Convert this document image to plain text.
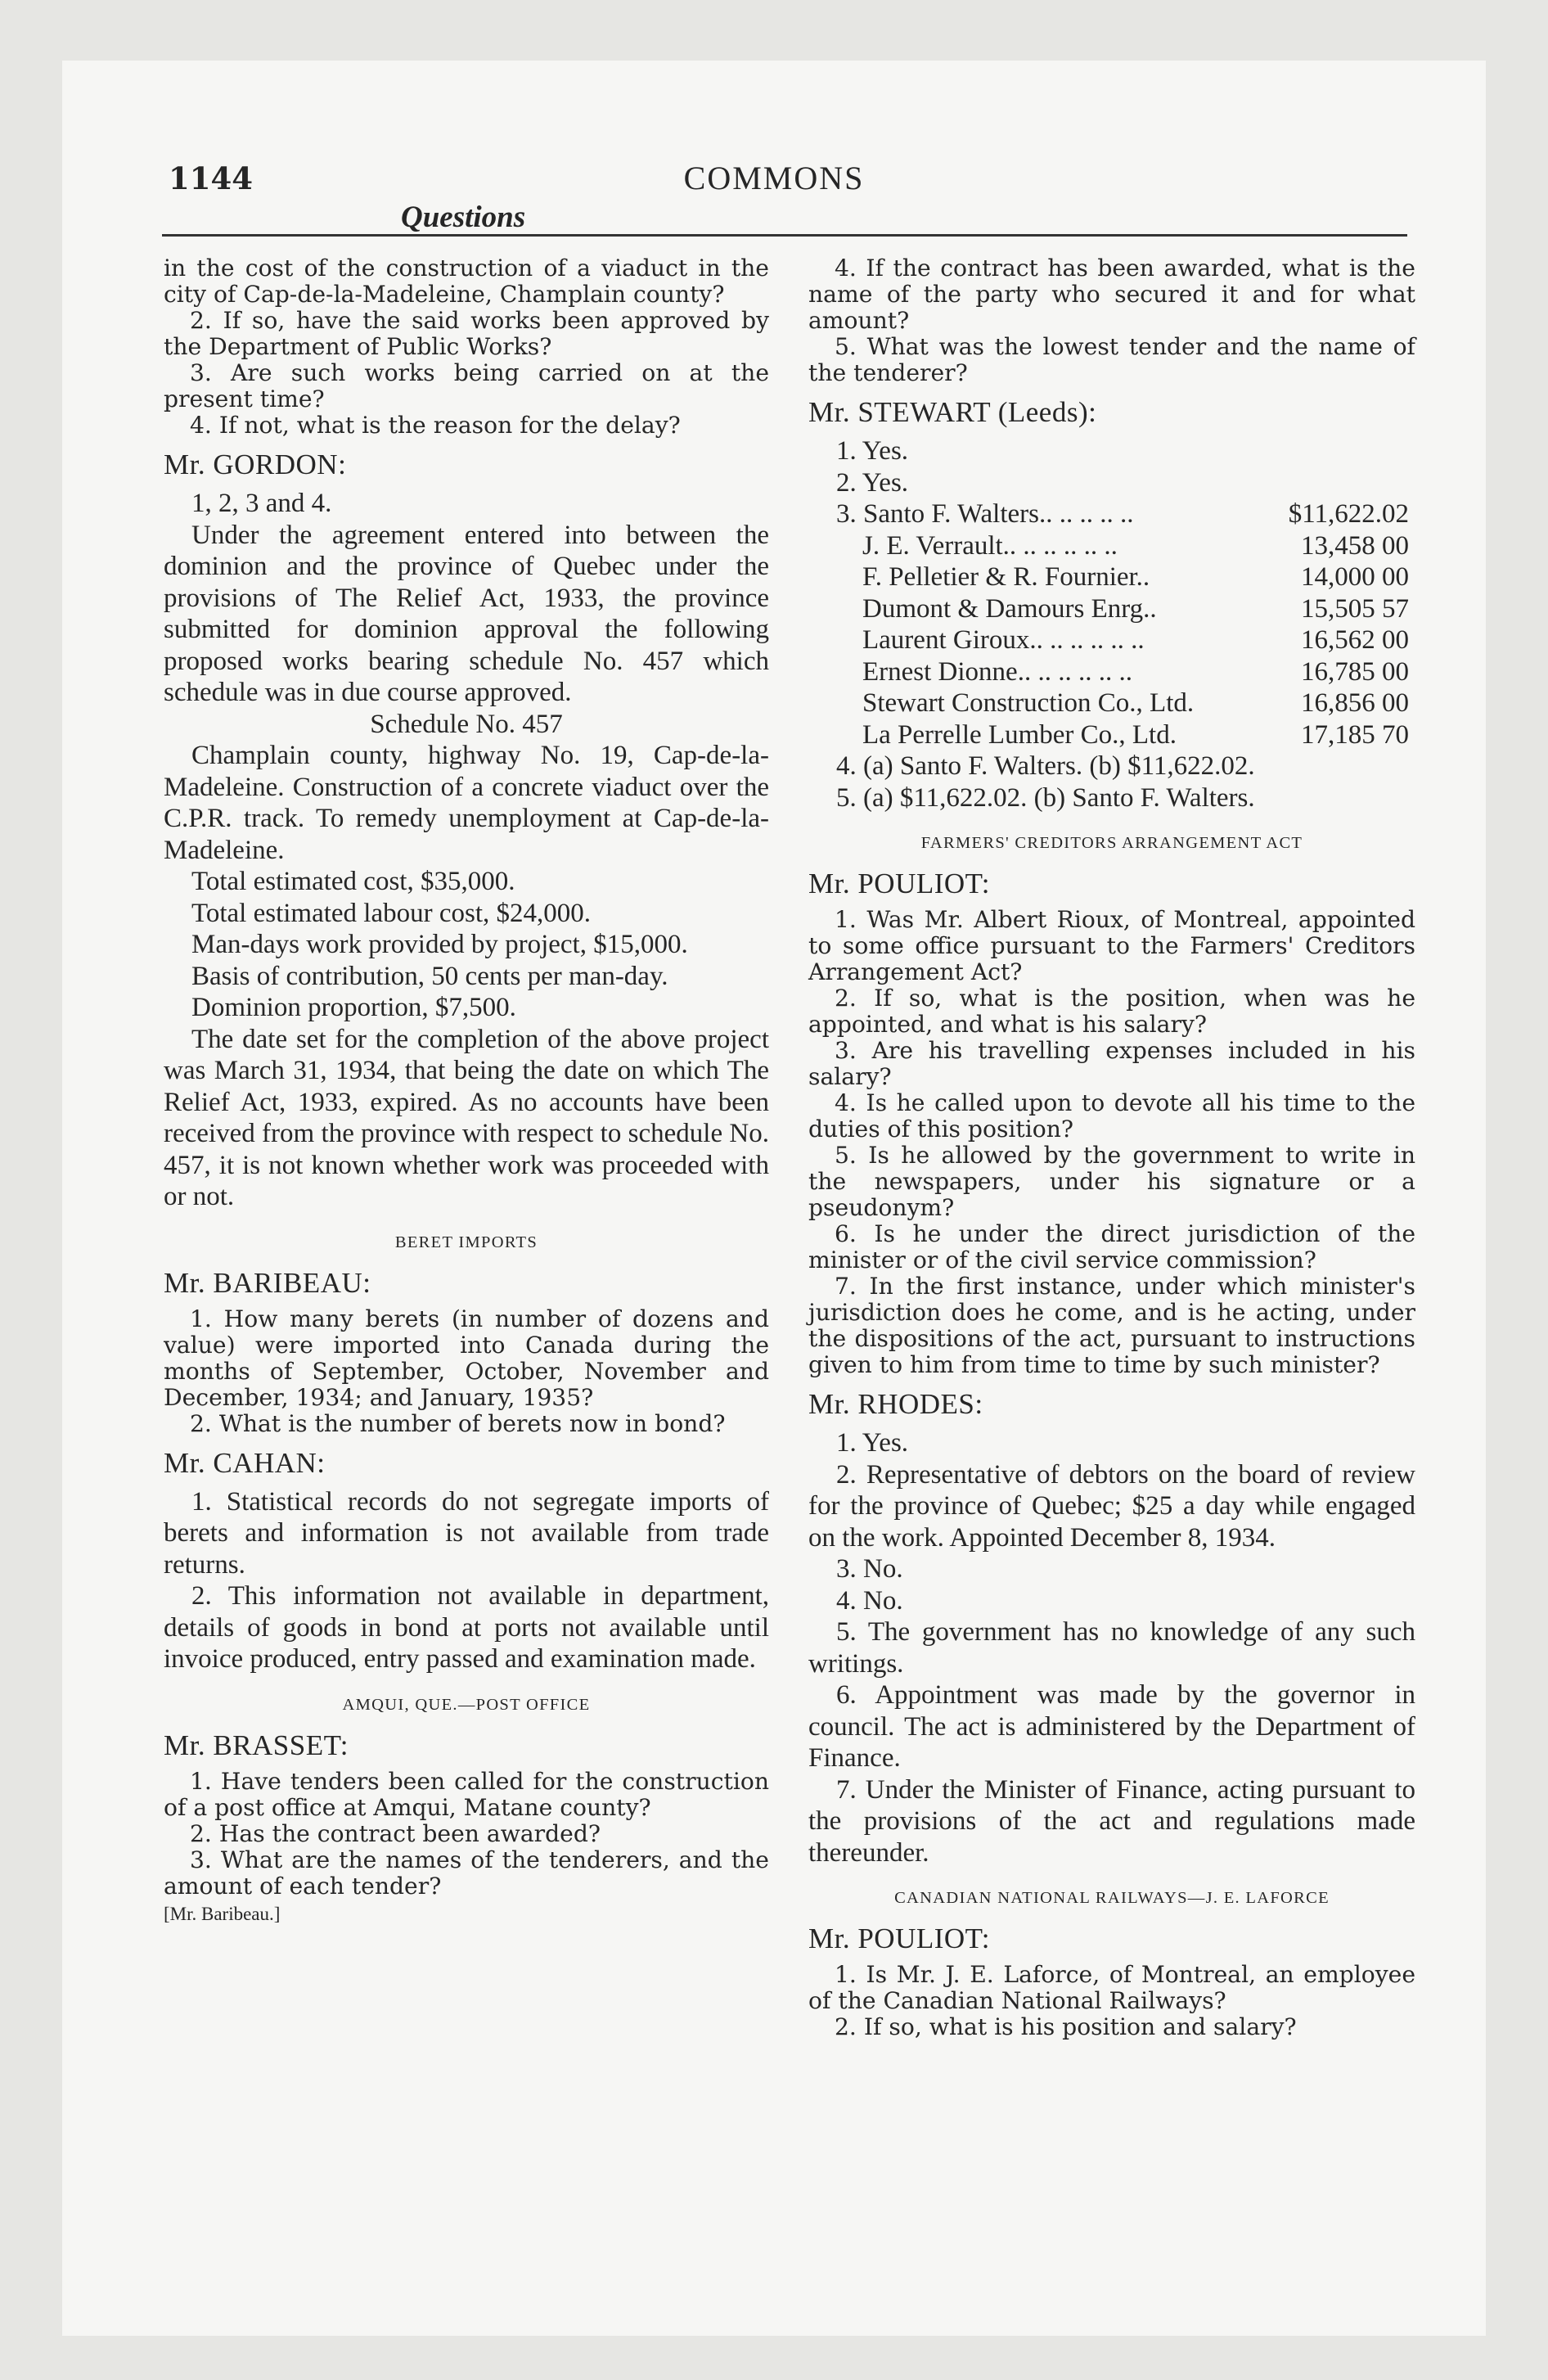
1144	COMMONS
Questions

in the cost of the construction of a viaduct in the city of Cap-de-la-Madeleine, Champlain county?

2. If so, have the said works been approved by the Department of Public Works?

3. Are such works being carried on at the present time?

4. If not, what is the reason for the delay?

Mr. GORDON:

1, 2, 3 and 4.

Under the agreement entered into between the dominion and the province of Quebec under the provisions of The Relief Act, 1933, the province submitted for dominion approval the following proposed works bearing schedule No. 457 which schedule was in due course approved.

Schedule No. 457

Champlain county, highway No. 19, Cap-de-la-Madeleine. Construction of a concrete viaduct over the C.P.R. track. To remedy unemployment at Cap-de-la-Madeleine.

Total estimated cost, $35,000.

Total estimated labour cost, $24,000.

Man-days work provided by project, $15,000.

Basis of contribution, 50 cents per man-day.

Dominion proportion, $7,500.

The date set for the completion of the above project was March 31, 1934, that being the date on which The Relief Act, 1933, expired. As no accounts have been received from the province with respect to schedule No. 457, it is not known whether work was proceeded with or not.

BERET IMPORTS
Mr. BARIBEAU:

1. How many berets (in number of dozens and value) were imported into Canada during the months of September, October, November and December, 1934; and January, 1935?

2. What is the number of berets now in bond?

Mr. CAHAN:

1. Statistical records do not segregate imports of berets and information is not available from trade returns.

2. This information not available in department, details of goods in bond at ports not available until invoice produced, entry passed and examination made.

AMQUI, QUE.—POST OFFICE
Mr. BRASSET:

1. Have tenders been called for the construction of a post office at Amqui, Matane county?

2. Has the contract been awarded?

3. What are the names of the tenderers, and the amount of each tender?

[Mr. Baribeau.]

4. If the contract has been awarded, what is the name of the party who secured it and for what amount?

5. What was the lowest tender and the name of the tenderer?

Mr. STEWART (Leeds):

1. Yes.

2. Yes.

3. Santo F. Walters.. .. .. .. ..	$11,622.02
J. E. Verrault.. .. .. .. .. ..	13,458 00
F. Pelletier & R. Fournier..	14,000 00
Dumont & Damours Enrg..	15,505 57
Laurent Giroux.. .. .. .. .. ..	16,562 00
Ernest Dionne.. .. .. .. .. ..	16,785 00
Stewart Construction Co., Ltd.	16,856 00
La Perrelle Lumber Co., Ltd.	17,185 70

4. (a) Santo F. Walters. (b) $11,622.02.

5. (a) $11,622.02. (b) Santo F. Walters.

FARMERS' CREDITORS ARRANGEMENT ACT
Mr. POULIOT:

1. Was Mr. Albert Rioux, of Montreal, appointed to some office pursuant to the Farmers' Creditors Arrangement Act?

2. If so, what is the position, when was he appointed, and what is his salary?

3. Are his travelling expenses included in his salary?

4. Is he called upon to devote all his time to the duties of this position?

5. Is he allowed by the government to write in the newspapers, under his signature or a pseudonym?

6. Is he under the direct jurisdiction of the minister or of the civil service commission?

7. In the first instance, under which minister's jurisdiction does he come, and is he acting, under the dispositions of the act, pursuant to instructions given to him from time to time by such minister?

Mr. RHODES:

1. Yes.

2. Representative of debtors on the board of review for the province of Quebec; $25 a day while engaged on the work. Appointed December 8, 1934.

3. No.

4. No.

5. The government has no knowledge of any such writings.

6. Appointment was made by the governor in council. The act is administered by the Department of Finance.

7. Under the Minister of Finance, acting pursuant to the provisions of the act and regulations made thereunder.

CANADIAN NATIONAL RAILWAYS—J. E. LAFORCE
Mr. POULIOT:

1. Is Mr. J. E. Laforce, of Montreal, an employee of the Canadian National Railways?

2. If so, what is his position and salary?
